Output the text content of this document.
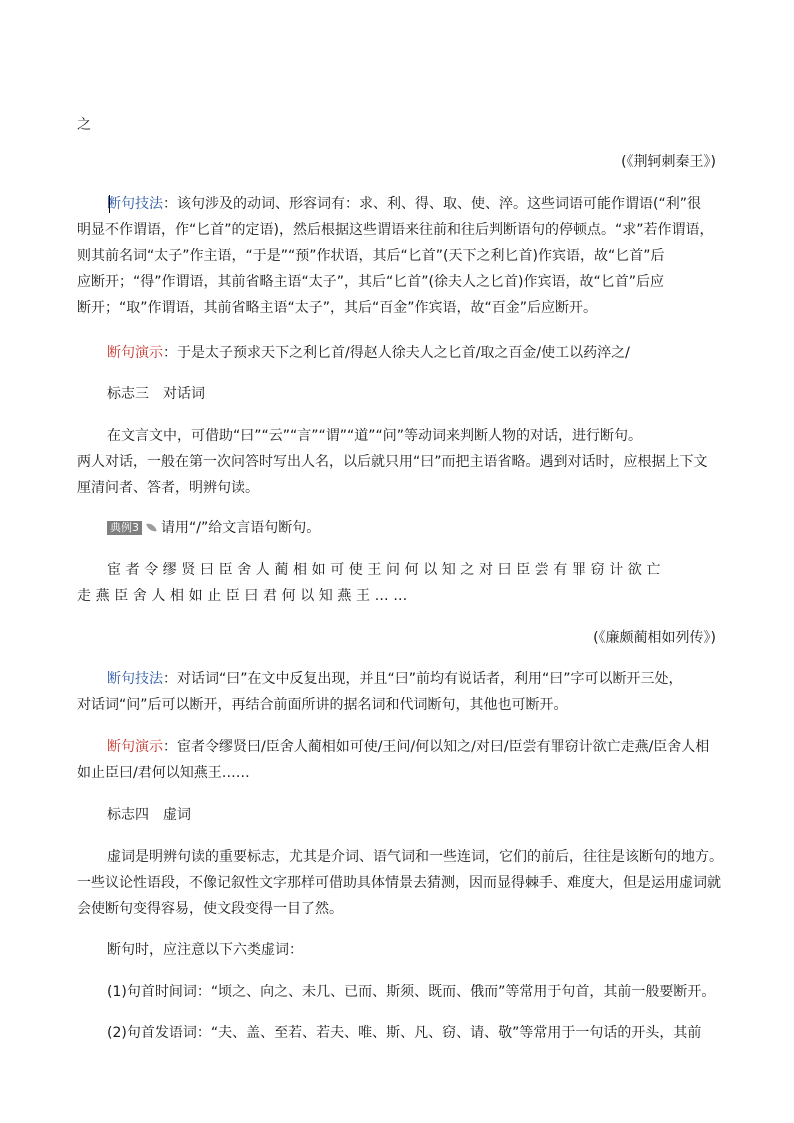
之
(《荆轲刺秦王》)
断句技法：该句涉及的动词、形容词有：求、利、得、取、使、淬。这些词语可能作谓语(“利”很
明显不作谓语，作“匕首”的定语)，然后根据这些谓语来往前和往后判断语句的停顿点。“求”若作谓语，
则其前名词“太子”作主语，“于是”“预”作状语，其后“匕首”(天下之利匕首)作宾语，故“匕首”后
应断开；“得”作谓语，其前省略主语“太子”，其后“匕首”(徐夫人之匕首)作宾语，故“匕首”后应
断开；“取”作谓语，其前省略主语“太子”，其后“百金”作宾语，故“百金”后应断开。
断句演示：于是太子预求天下之利匕首/得赵人徐夫人之匕首/取之百金/使工以药淬之/
标志三　对话词
在文言文中，可借助“曰”“云”“言”“谓”“道”“问”等动词来判断人物的对话，进行断句。
两人对话，一般在第一次问答时写出人名，以后就只用“曰”而把主语省略。遇到对话时，应根据上下文
厘清问者、答者，明辨句读。
典例3 请用“/”给文言语句断句。
宦者令缪贤曰臣舍人蔺相如可使王问何以知之对曰臣尝有罪窃计欲亡
走燕臣舍人相如止臣曰君何以知燕王……
(《廉颇蔺相如列传》)
断句技法：对话词“曰”在文中反复出现，并且“曰”前均有说话者，利用“曰”字可以断开三处，
对话词“问”后可以断开，再结合前面所讲的据名词和代词断句，其他也可断开。
断句演示：宦者令缪贤曰/臣舍人蔺相如可使/王问/何以知之/对曰/臣尝有罪窃计欲亡走燕/臣舍人相
如止臣曰/君何以知燕王……
标志四　虚词
虚词是明辨句读的重要标志，尤其是介词、语气词和一些连词，它们的前后，往往是该断句的地方。
一些议论性语段，不像记叙性文字那样可借助具体情景去猜测，因而显得棘手、难度大，但是运用虚词就
会使断句变得容易，使文段变得一目了然。
断句时，应注意以下六类虚词：
(1)句首时间词：“顷之、向之、未几、已而、斯须、既而、俄而”等常用于句首，其前一般要断开。
(2)句首发语词：“夫、盖、至若、若夫、唯、斯、凡、窃、请、敬”等常用于一句话的开头，其前
